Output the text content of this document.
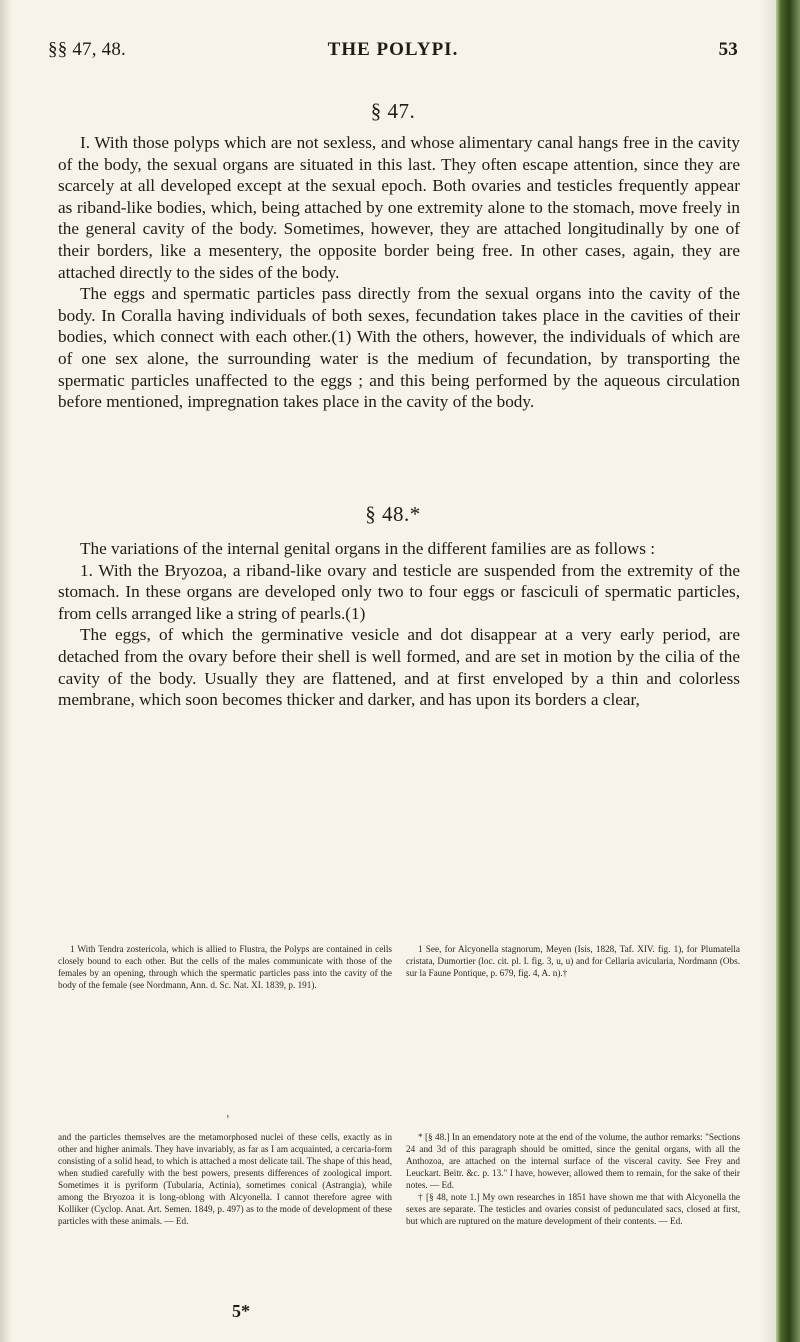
§§ 47, 48.	THE POLYPI.	53
§ 47.

I. With those polyps which are not sexless, and whose alimentary canal hangs free in the cavity of the body, the sexual organs are situated in this last. They often escape attention, since they are scarcely at all developed except at the sexual epoch. Both ovaries and testicles frequently appear as riband-like bodies, which, being attached by one extremity alone to the stomach, move freely in the general cavity of the body. Sometimes, however, they are attached longitudinally by one of their borders, like a mesentery, the opposite border being free. In other cases, again, they are attached directly to the sides of the body.

The eggs and spermatic particles pass directly from the sexual organs into the cavity of the body. In Coralla having individuals of both sexes, fecundation takes place in the cavities of their bodies, which connect with each other.(1) With the others, however, the individuals of which are of one sex alone, the surrounding water is the medium of fecundation, by transporting the spermatic particles unaffected to the eggs ; and this being performed by the aqueous circulation before mentioned, impregnation takes place in the cavity of the body.

§ 48.*

The variations of the internal genital organs in the different families are as follows :

1. With the Bryozoa, a riband-like ovary and testicle are suspended from the extremity of the stomach. In these organs are developed only two to four eggs or fasciculi of spermatic particles, from cells arranged like a string of pearls.(1)

The eggs, of which the germinative vesicle and dot disappear at a very early period, are detached from the ovary before their shell is well formed, and are set in motion by the cilia of the cavity of the body. Usually they are flattened, and at first enveloped by a thin and colorless membrane, which soon becomes thicker and darker, and has upon its borders a clear,

1 With Tendra zostericola, which is allied to Flustra, the Polyps are contained in cells closely bound to each other. But the cells of the males communicate with those of the females by an opening, through which the spermatic particles pass into the cavity of the body of the female (see Nordmann, Ann. d. Sc. Nat. XI. 1839, p. 191).

1 See, for Alcyonella stagnorum, Meyen (Isis, 1828, Taf. XIV. fig. 1), for Plumatella cristata, Dumortier (loc. cit. pl. I. fig. 3, u, u) and for Cellaria avicularia, Nordmann (Obs. sur la Faune Pontique, p. 679, fig. 4, A. n).†

ꞌ

and the particles themselves are the metamorphosed nuclei of these cells, exactly as in other and higher animals. They have invariably, as far as I am acquainted, a cercaria-form consisting of a solid head, to which is attached a most delicate tail. The shape of this head, when studied carefully with the best powers, presents differences of zoological import. Sometimes it is pyriform (Tubularia, Actinia), sometimes conical (Astrangia), while among the Bryozoa it is long-oblong with Alcyonella. I cannot therefore agree with Kolliker (Cyclop. Anat. Art. Semen. 1849, p. 497) as to the mode of development of these particles with these animals. — Ed.

* [§ 48.] In an emendatory note at the end of the volume, the author remarks: "Sections 24 and 3d of this paragraph should be omitted, since the genital organs, with all the Anthozoa, are attached on the internal surface of the visceral cavity. See Frey and Leuckart. Beitr. &c. p. 13." I have, however, allowed them to remain, for the sake of their notes. — Ed.

† [§ 48, note 1.] My own researches in 1851 have shown me that with Alcyonella the sexes are separate. The testicles and ovaries consist of pedunculated sacs, closed at first, but which are ruptured on the mature development of their contents. — Ed.

5*
